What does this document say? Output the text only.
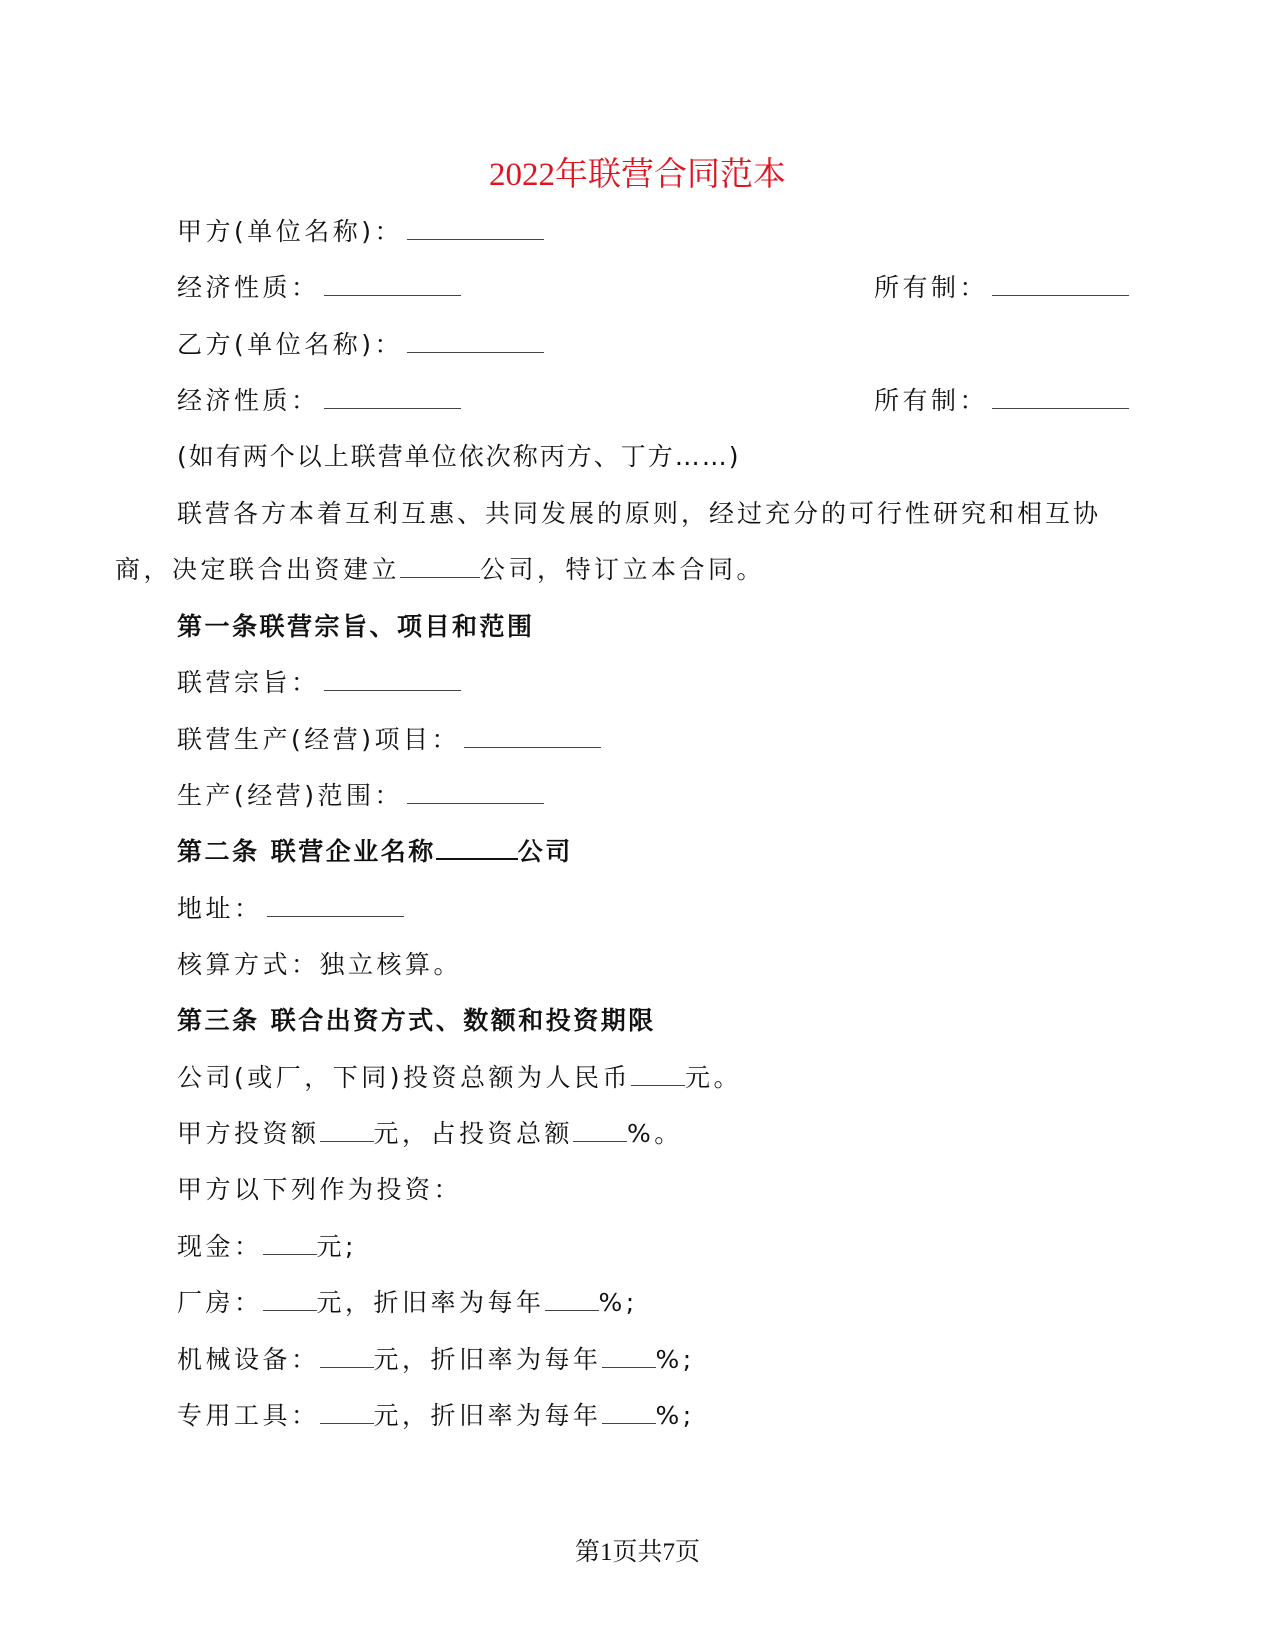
2022年联营合同范本
甲方(单位名称)：
经济性质：	所有制：
乙方(单位名称)：
经济性质：	所有制：
(如有两个以上联营单位依次称丙方、丁方……)
联营各方本着互利互惠、共同发展的原则，经过充分的可行性研究和相互协
商，决定联合出资建立	公司，特订立本合同。
第一条联营宗旨、项目和范围
联营宗旨：
联营生产(经营)项目：
生产(经营)范围：
第二条 联营企业名称	公司
地址：
核算方式：独立核算。
第三条 联合出资方式、数额和投资期限
公司(或厂，下同)投资总额为人民币 元。
甲方投资额 元，占投资总额 %。
甲方以下列作为投资：
现金： 元;
厂房： 元，折旧率为每年 %;
机械设备： 元，折旧率为每年 %;
专用工具： 元，折旧率为每年 %;
第1页共7页
